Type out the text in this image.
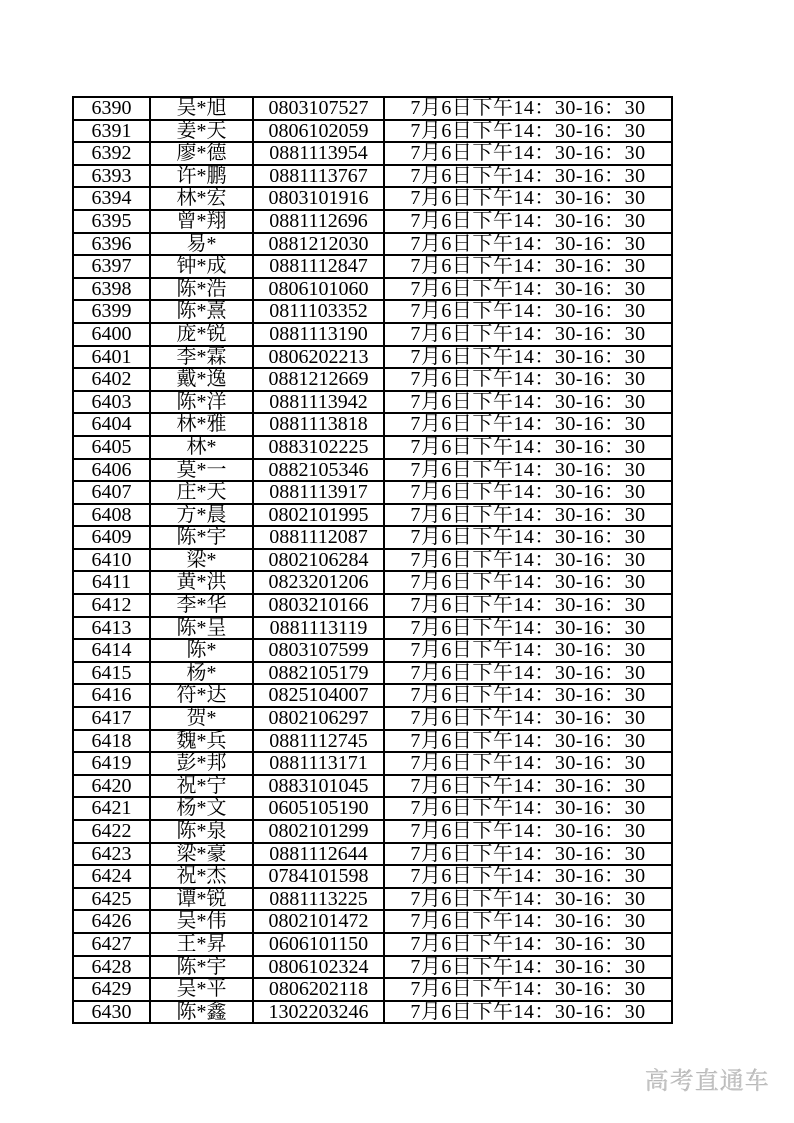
6390	吴*旭	0803107527	7月6日下午14：30-16：30
6391	姜*天	0806102059	7月6日下午14：30-16：30
6392	廖*德	0881113954	7月6日下午14：30-16：30
6393	许*鹏	0881113767	7月6日下午14：30-16：30
6394	林*宏	0803101916	7月6日下午14：30-16：30
6395	曾*翔	0881112696	7月6日下午14：30-16：30
6396	易*	0881212030	7月6日下午14：30-16：30
6397	钟*成	0881112847	7月6日下午14：30-16：30
6398	陈*浩	0806101060	7月6日下午14：30-16：30
6399	陈*熹	0811103352	7月6日下午14：30-16：30
6400	庞*锐	0881113190	7月6日下午14：30-16：30
6401	李*霖	0806202213	7月6日下午14：30-16：30
6402	戴*逸	0881212669	7月6日下午14：30-16：30
6403	陈*洋	0881113942	7月6日下午14：30-16：30
6404	林*雅	0881113818	7月6日下午14：30-16：30
6405	林*	0883102225	7月6日下午14：30-16：30
6406	莫*一	0882105346	7月6日下午14：30-16：30
6407	庄*天	0881113917	7月6日下午14：30-16：30
6408	方*晨	0802101995	7月6日下午14：30-16：30
6409	陈*宇	0881112087	7月6日下午14：30-16：30
6410	梁*	0802106284	7月6日下午14：30-16：30
6411	黄*洪	0823201206	7月6日下午14：30-16：30
6412	李*华	0803210166	7月6日下午14：30-16：30
6413	陈*呈	0881113119	7月6日下午14：30-16：30
6414	陈*	0803107599	7月6日下午14：30-16：30
6415	杨*	0882105179	7月6日下午14：30-16：30
6416	符*达	0825104007	7月6日下午14：30-16：30
6417	贺*	0802106297	7月6日下午14：30-16：30
6418	魏*兵	0881112745	7月6日下午14：30-16：30
6419	彭*邦	0881113171	7月6日下午14：30-16：30
6420	祝*宁	0883101045	7月6日下午14：30-16：30
6421	杨*文	0605105190	7月6日下午14：30-16：30
6422	陈*泉	0802101299	7月6日下午14：30-16：30
6423	梁*豪	0881112644	7月6日下午14：30-16：30
6424	祝*杰	0784101598	7月6日下午14：30-16：30
6425	谭*锐	0881113225	7月6日下午14：30-16：30
6426	吴*伟	0802101472	7月6日下午14：30-16：30
6427	王*昇	0606101150	7月6日下午14：30-16：30
6428	陈*宇	0806102324	7月6日下午14：30-16：30
6429	吴*平	0806202118	7月6日下午14：30-16：30
6430	陈*鑫	1302203246	7月6日下午14：30-16：30
高考直通车
